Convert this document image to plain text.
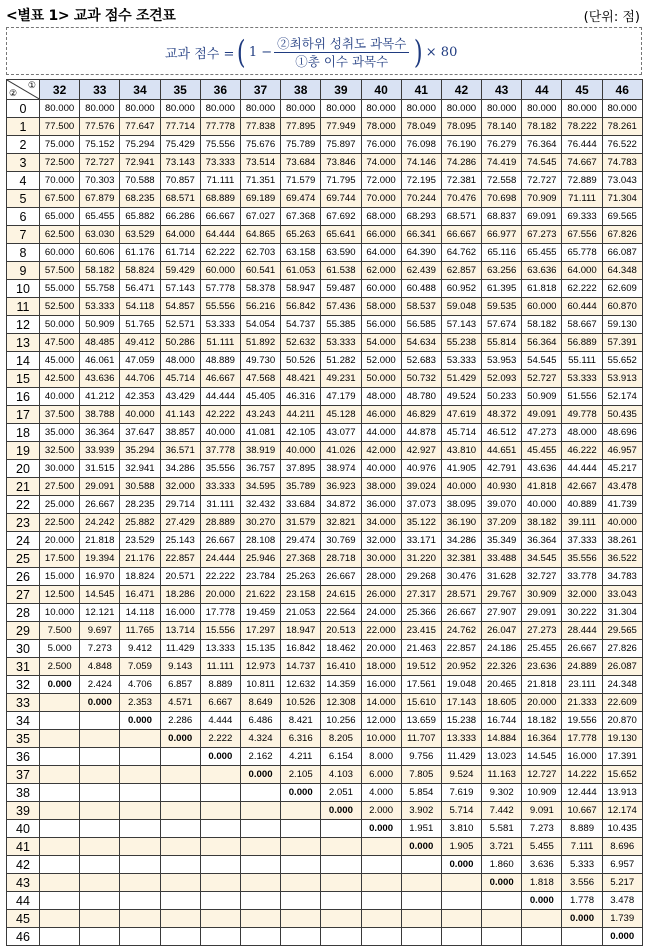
<별표 1> 교과 점수 조견표	(단위: 점)
교과 점수 = ( $1 - \frac{\text{②최하위 성취도 과목수}}{\text{①총 이수 과목수}}$ ) × 80
①
②	32	33	34	35	36	37	38	39	40	41	42	43	44	45	46
0	80.000	80.000	80.000	80.000	80.000	80.000	80.000	80.000	80.000	80.000	80.000	80.000	80.000	80.000	80.000
1	77.500	77.576	77.647	77.714	77.778	77.838	77.895	77.949	78.000	78.049	78.095	78.140	78.182	78.222	78.261
2	75.000	75.152	75.294	75.429	75.556	75.676	75.789	75.897	76.000	76.098	76.190	76.279	76.364	76.444	76.522
3	72.500	72.727	72.941	73.143	73.333	73.514	73.684	73.846	74.000	74.146	74.286	74.419	74.545	74.667	74.783
4	70.000	70.303	70.588	70.857	71.111	71.351	71.579	71.795	72.000	72.195	72.381	72.558	72.727	72.889	73.043
5	67.500	67.879	68.235	68.571	68.889	69.189	69.474	69.744	70.000	70.244	70.476	70.698	70.909	71.111	71.304
6	65.000	65.455	65.882	66.286	66.667	67.027	67.368	67.692	68.000	68.293	68.571	68.837	69.091	69.333	69.565
7	62.500	63.030	63.529	64.000	64.444	64.865	65.263	65.641	66.000	66.341	66.667	66.977	67.273	67.556	67.826
8	60.000	60.606	61.176	61.714	62.222	62.703	63.158	63.590	64.000	64.390	64.762	65.116	65.455	65.778	66.087
9	57.500	58.182	58.824	59.429	60.000	60.541	61.053	61.538	62.000	62.439	62.857	63.256	63.636	64.000	64.348
10	55.000	55.758	56.471	57.143	57.778	58.378	58.947	59.487	60.000	60.488	60.952	61.395	61.818	62.222	62.609
11	52.500	53.333	54.118	54.857	55.556	56.216	56.842	57.436	58.000	58.537	59.048	59.535	60.000	60.444	60.870
12	50.000	50.909	51.765	52.571	53.333	54.054	54.737	55.385	56.000	56.585	57.143	57.674	58.182	58.667	59.130
13	47.500	48.485	49.412	50.286	51.111	51.892	52.632	53.333	54.000	54.634	55.238	55.814	56.364	56.889	57.391
14	45.000	46.061	47.059	48.000	48.889	49.730	50.526	51.282	52.000	52.683	53.333	53.953	54.545	55.111	55.652
15	42.500	43.636	44.706	45.714	46.667	47.568	48.421	49.231	50.000	50.732	51.429	52.093	52.727	53.333	53.913
16	40.000	41.212	42.353	43.429	44.444	45.405	46.316	47.179	48.000	48.780	49.524	50.233	50.909	51.556	52.174
17	37.500	38.788	40.000	41.143	42.222	43.243	44.211	45.128	46.000	46.829	47.619	48.372	49.091	49.778	50.435
18	35.000	36.364	37.647	38.857	40.000	41.081	42.105	43.077	44.000	44.878	45.714	46.512	47.273	48.000	48.696
19	32.500	33.939	35.294	36.571	37.778	38.919	40.000	41.026	42.000	42.927	43.810	44.651	45.455	46.222	46.957
20	30.000	31.515	32.941	34.286	35.556	36.757	37.895	38.974	40.000	40.976	41.905	42.791	43.636	44.444	45.217
21	27.500	29.091	30.588	32.000	33.333	34.595	35.789	36.923	38.000	39.024	40.000	40.930	41.818	42.667	43.478
22	25.000	26.667	28.235	29.714	31.111	32.432	33.684	34.872	36.000	37.073	38.095	39.070	40.000	40.889	41.739
23	22.500	24.242	25.882	27.429	28.889	30.270	31.579	32.821	34.000	35.122	36.190	37.209	38.182	39.111	40.000
24	20.000	21.818	23.529	25.143	26.667	28.108	29.474	30.769	32.000	33.171	34.286	35.349	36.364	37.333	38.261
25	17.500	19.394	21.176	22.857	24.444	25.946	27.368	28.718	30.000	31.220	32.381	33.488	34.545	35.556	36.522
26	15.000	16.970	18.824	20.571	22.222	23.784	25.263	26.667	28.000	29.268	30.476	31.628	32.727	33.778	34.783
27	12.500	14.545	16.471	18.286	20.000	21.622	23.158	24.615	26.000	27.317	28.571	29.767	30.909	32.000	33.043
28	10.000	12.121	14.118	16.000	17.778	19.459	21.053	22.564	24.000	25.366	26.667	27.907	29.091	30.222	31.304
29	7.500	9.697	11.765	13.714	15.556	17.297	18.947	20.513	22.000	23.415	24.762	26.047	27.273	28.444	29.565
30	5.000	7.273	9.412	11.429	13.333	15.135	16.842	18.462	20.000	21.463	22.857	24.186	25.455	26.667	27.826
31	2.500	4.848	7.059	9.143	11.111	12.973	14.737	16.410	18.000	19.512	20.952	22.326	23.636	24.889	26.087
32	0.000	2.424	4.706	6.857	8.889	10.811	12.632	14.359	16.000	17.561	19.048	20.465	21.818	23.111	24.348
33		0.000	2.353	4.571	6.667	8.649	10.526	12.308	14.000	15.610	17.143	18.605	20.000	21.333	22.609
34			0.000	2.286	4.444	6.486	8.421	10.256	12.000	13.659	15.238	16.744	18.182	19.556	20.870
35				0.000	2.222	4.324	6.316	8.205	10.000	11.707	13.333	14.884	16.364	17.778	19.130
36					0.000	2.162	4.211	6.154	8.000	9.756	11.429	13.023	14.545	16.000	17.391
37						0.000	2.105	4.103	6.000	7.805	9.524	11.163	12.727	14.222	15.652
38							0.000	2.051	4.000	5.854	7.619	9.302	10.909	12.444	13.913
39								0.000	2.000	3.902	5.714	7.442	9.091	10.667	12.174
40									0.000	1.951	3.810	5.581	7.273	8.889	10.435
41										0.000	1.905	3.721	5.455	7.111	8.696
42											0.000	1.860	3.636	5.333	6.957
43												0.000	1.818	3.556	5.217
44													0.000	1.778	3.478
45														0.000	1.739
46															0.000
